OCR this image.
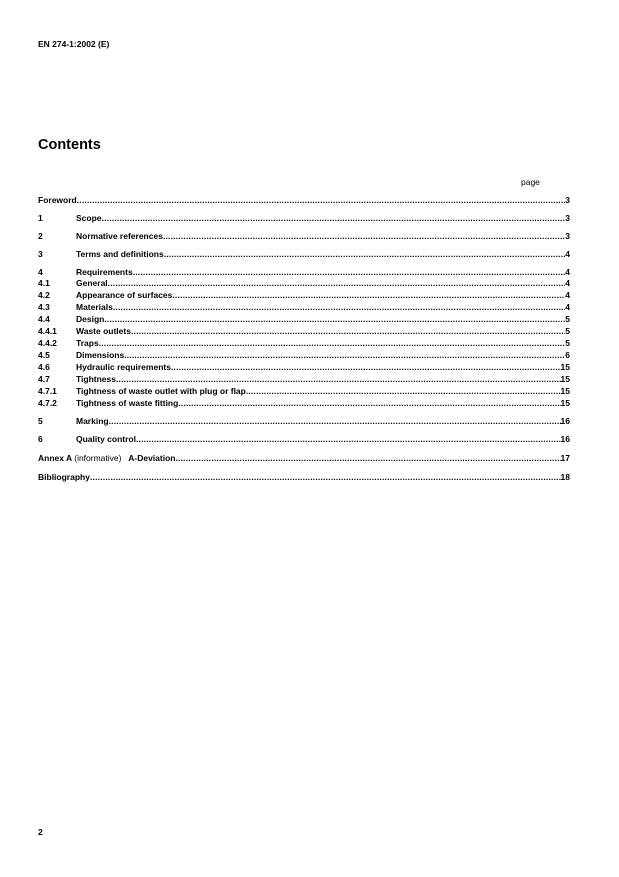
EN 274-1:2002 (E)
Contents
page
Foreword .....	3
1	Scope .....	3
2	Normative references .....	3
3	Terms and definitions .....	4
4	Requirements .....	4
4.1	General .....	4
4.2	Appearance of surfaces .....	4
4.3	Materials .....	4
4.4	Design .....	5
4.4.1	Waste outlets .....	5
4.4.2	Traps .....	5
4.5	Dimensions .....	6
4.6	Hydraulic requirements .....	15
4.7	Tightness .....	15
4.7.1	Tightness of waste outlet with plug or flap .....	15
4.7.2	Tightness of waste fitting .....	15
5	Marking .....	16
6	Quality control .....	16
Annex A (informative) A-Deviation .....	17
Bibliography .....	18
2
